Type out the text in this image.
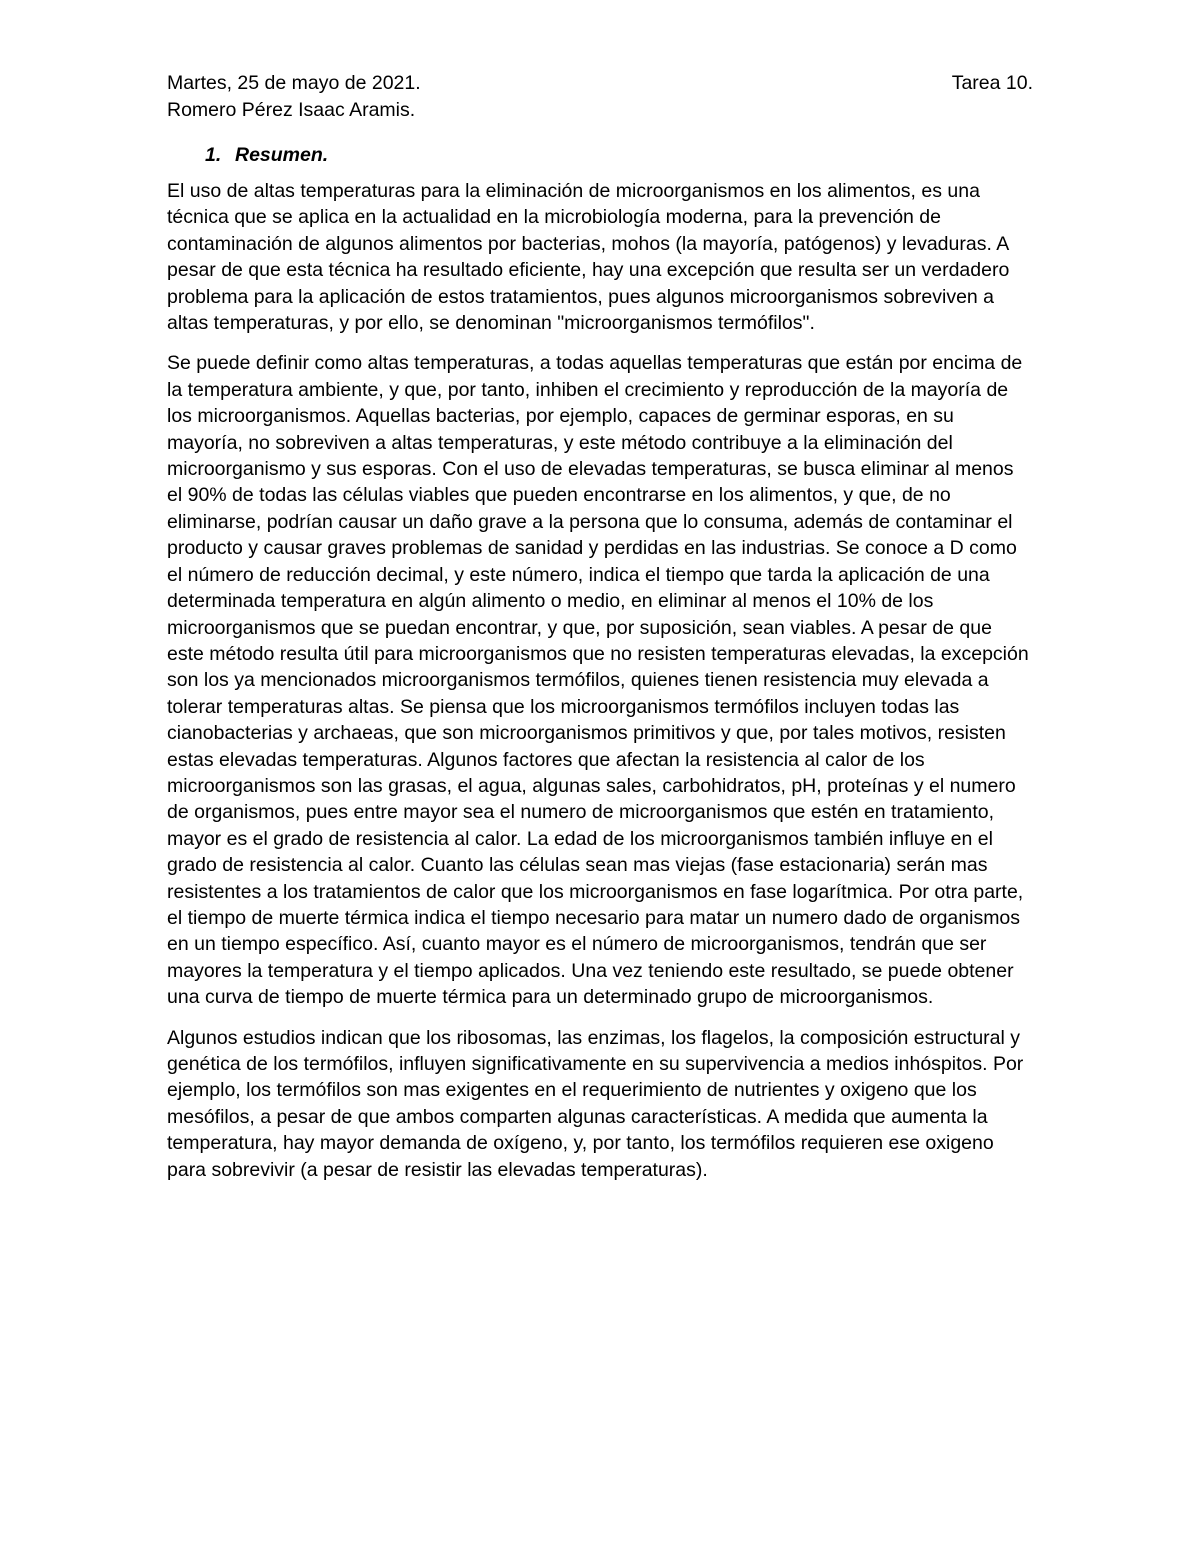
Martes, 25 de mayo de 2021.	Tarea 10.
Romero Pérez Isaac Aramis.
1. Resumen.

El uso de altas temperaturas para la eliminación de microorganismos en los alimentos, es una técnica que se aplica en la actualidad en la microbiología moderna, para la prevención de contaminación de algunos alimentos por bacterias, mohos (la mayoría, patógenos) y levaduras. A pesar de que esta técnica ha resultado eficiente, hay una excepción que resulta ser un verdadero problema para la aplicación de estos tratamientos, pues algunos microorganismos sobreviven a altas temperaturas, y por ello, se denominan "microorganismos termófilos".

Se puede definir como altas temperaturas, a todas aquellas temperaturas que están por encima de la temperatura ambiente, y que, por tanto, inhiben el crecimiento y reproducción de la mayoría de los microorganismos. Aquellas bacterias, por ejemplo, capaces de germinar esporas, en su mayoría, no sobreviven a altas temperaturas, y este método contribuye a la eliminación del microorganismo y sus esporas. Con el uso de elevadas temperaturas, se busca eliminar al menos el 90% de todas las células viables que pueden encontrarse en los alimentos, y que, de no eliminarse, podrían causar un daño grave a la persona que lo consuma, además de contaminar el producto y causar graves problemas de sanidad y perdidas en las industrias. Se conoce a D como el número de reducción decimal, y este número, indica el tiempo que tarda la aplicación de una determinada temperatura en algún alimento o medio, en eliminar al menos el 10% de los microorganismos que se puedan encontrar, y que, por suposición, sean viables. A pesar de que este método resulta útil para microorganismos que no resisten temperaturas elevadas, la excepción son los ya mencionados microorganismos termófilos, quienes tienen resistencia muy elevada a tolerar temperaturas altas. Se piensa que los microorganismos termófilos incluyen todas las cianobacterias y archaeas, que son microorganismos primitivos y que, por tales motivos, resisten estas elevadas temperaturas. Algunos factores que afectan la resistencia al calor de los microorganismos son las grasas, el agua, algunas sales, carbohidratos, pH, proteínas y el numero de organismos, pues entre mayor sea el numero de microorganismos que estén en tratamiento, mayor es el grado de resistencia al calor. La edad de los microorganismos también influye en el grado de resistencia al calor. Cuanto las células sean mas viejas (fase estacionaria) serán mas resistentes a los tratamientos de calor que los microorganismos en fase logarítmica. Por otra parte, el tiempo de muerte térmica indica el tiempo necesario para matar un numero dado de organismos en un tiempo específico. Así, cuanto mayor es el número de microorganismos, tendrán que ser mayores la temperatura y el tiempo aplicados. Una vez teniendo este resultado, se puede obtener una curva de tiempo de muerte térmica para un determinado grupo de microorganismos.

Algunos estudios indican que los ribosomas, las enzimas, los flagelos, la composición estructural y genética de los termófilos, influyen significativamente en su supervivencia a medios inhóspitos. Por ejemplo, los termófilos son mas exigentes en el requerimiento de nutrientes y oxigeno que los mesófilos, a pesar de que ambos comparten algunas características. A medida que aumenta la temperatura, hay mayor demanda de oxígeno, y, por tanto, los termófilos requieren ese oxigeno para sobrevivir (a pesar de resistir las elevadas temperaturas).
